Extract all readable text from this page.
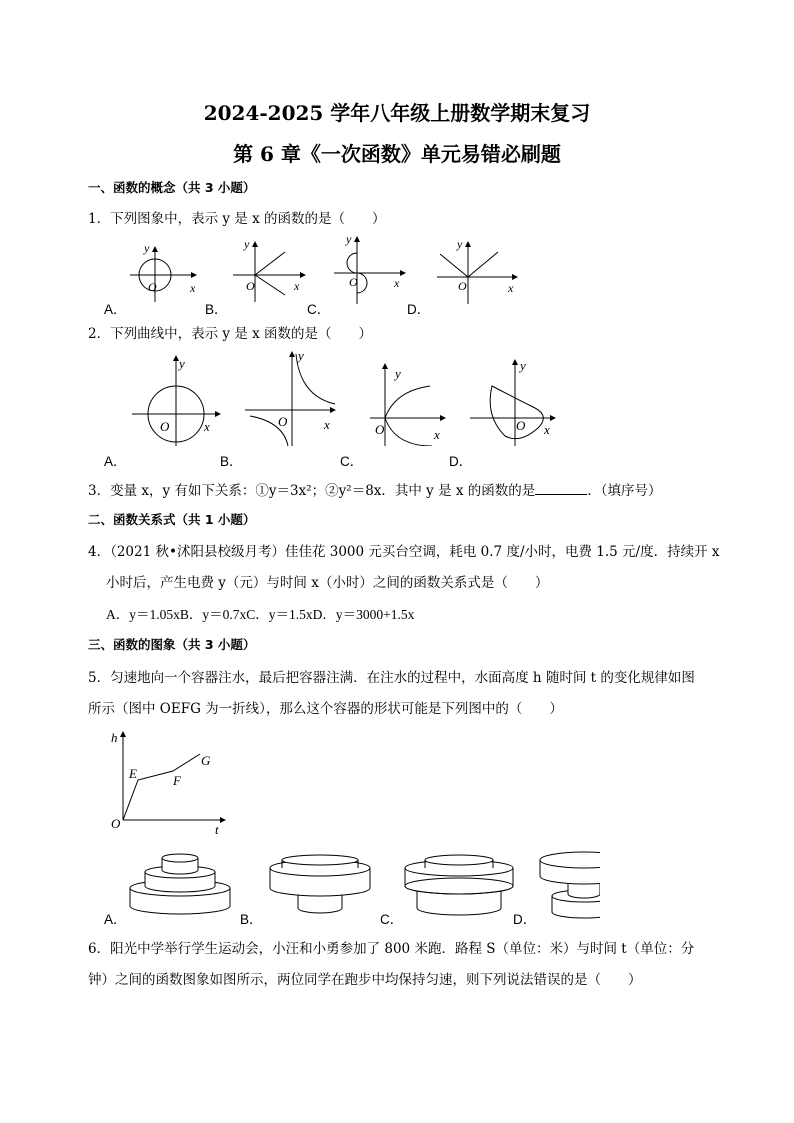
2024-2025 学年八年级上册数学期末复习
第 6 章《一次函数》单元易错必刷题
一、函数的概念（共 3 小题）
1．下列图象中，表示 y 是 x 的函数的是（　　）
y
x
O
y
x
O
y
x
O
y
x
O
A．	B．	C．	D．
2．下列曲线中，表示 y 是 x 函数的是（　　）
y
x
O
y
x
O
y
x
O
y
x
O
A．	B．	C．	D．
3．变量 x，y 有如下关系：①y＝3x²；②y²＝8x．其中 y 是 x 的函数的是	．（填序号）
二、函数关系式（共 1 小题）
4．（2021 秋•沭阳县校级月考）佳佳花 3000 元买台空调，耗电 0.7 度/小时，电费 1.5 元/度．持续开 x
小时后，产生电费 y（元）与时间 x（小时）之间的函数关系式是（　　）
A．y＝1.05xB．y＝0.7xC．y＝1.5xD．y＝3000+1.5x
三、函数的图象（共 3 小题）
5．匀速地向一个容器注水，最后把容器注满．在注水的过程中，水面高度 h 随时间 t 的变化规律如图
所示（图中 OEFG 为一折线），那么这个容器的形状可能是下列图中的（　　）
h
t
O
E	F
G
A．	B．	C．	D．
6．阳光中学举行学生运动会，小汪和小勇参加了 800 米跑．路程 S（单位：米）与时间 t（单位：分
钟）之间的函数图象如图所示，两位同学在跑步中均保持匀速，则下列说法错误的是（　　）
